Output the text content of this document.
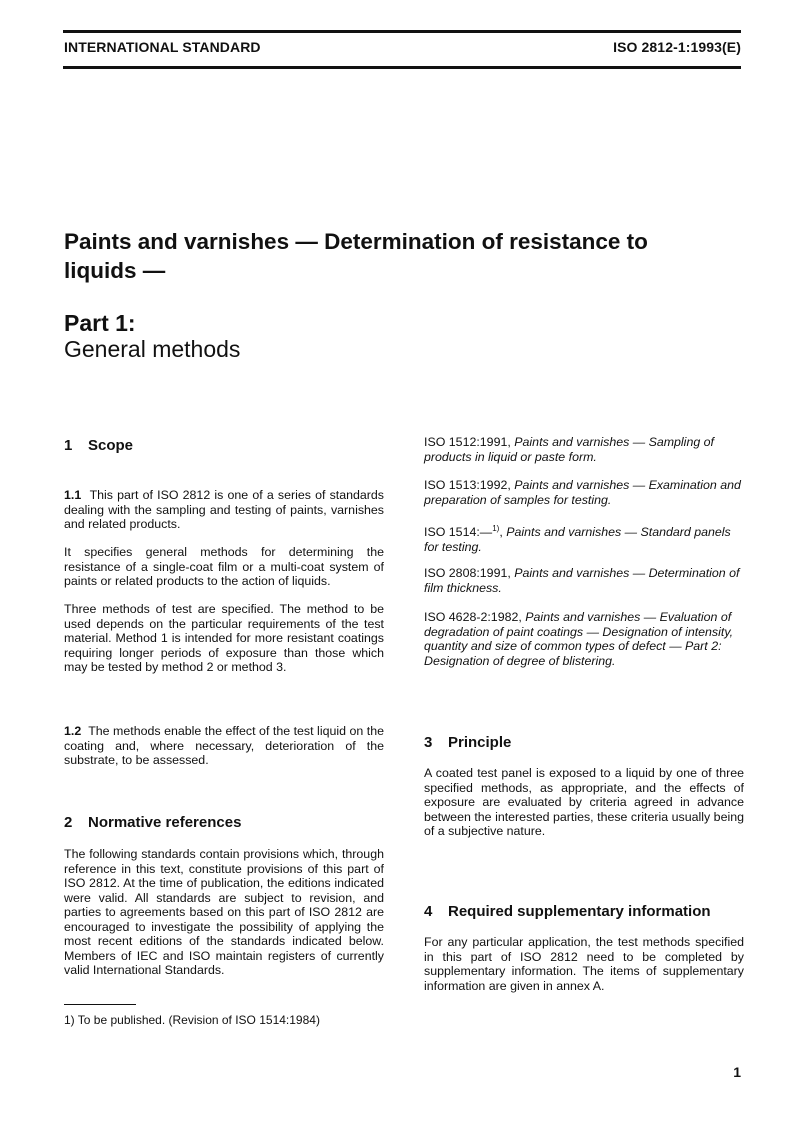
INTERNATIONAL STANDARD	ISO 2812-1:1993(E)
Paints and varnishes — Determination of resistance to
liquids —
Part 1:
General methods
1 Scope

1.1 This part of ISO 2812 is one of a series of standards dealing with the sampling and testing of paints, varnishes and related products.

It specifies general methods for determining the resistance of a single-coat film or a multi-coat system of paints or related products to the action of liquids.

Three methods of test are specified. The method to be used depends on the particular requirements of the test material. Method 1 is intended for more resistant coatings requiring longer periods of exposure than those which may be tested by method 2 or method 3.

1.2 The methods enable the effect of the test liquid on the coating and, where necessary, deterioration of the substrate, to be assessed.

2 Normative references

The following standards contain provisions which, through reference in this text, constitute provisions of this part of ISO 2812. At the time of publication, the editions indicated were valid. All standards are subject to revision, and parties to agreements based on this part of ISO 2812 are encouraged to investigate the possibility of applying the most recent editions of the standards indicated below. Members of IEC and ISO maintain registers of currently valid International Standards.

ISO 1512:1991, Paints and varnishes — Sampling of products in liquid or paste form.

ISO 1513:1992, Paints and varnishes — Examination and preparation of samples for testing.

ISO 1514:—$^{1)}$, Paints and varnishes — Standard panels for testing.

ISO 2808:1991, Paints and varnishes — Determination of film thickness.

ISO 4628-2:1982, Paints and varnishes — Evaluation of degradation of paint coatings — Designation of intensity, quantity and size of common types of defect — Part 2: Designation of degree of blistering.

3 Principle

A coated test panel is exposed to a liquid by one of three specified methods, as appropriate, and the effects of exposure are evaluated by criteria agreed in advance between the interested parties, these criteria usually being of a subjective nature.

4 Required supplementary information

For any particular application, the test methods specified in this part of ISO 2812 need to be completed by supplementary information. The items of supplementary information are given in annex A.

1) To be published. (Revision of ISO 1514:1984)
1
